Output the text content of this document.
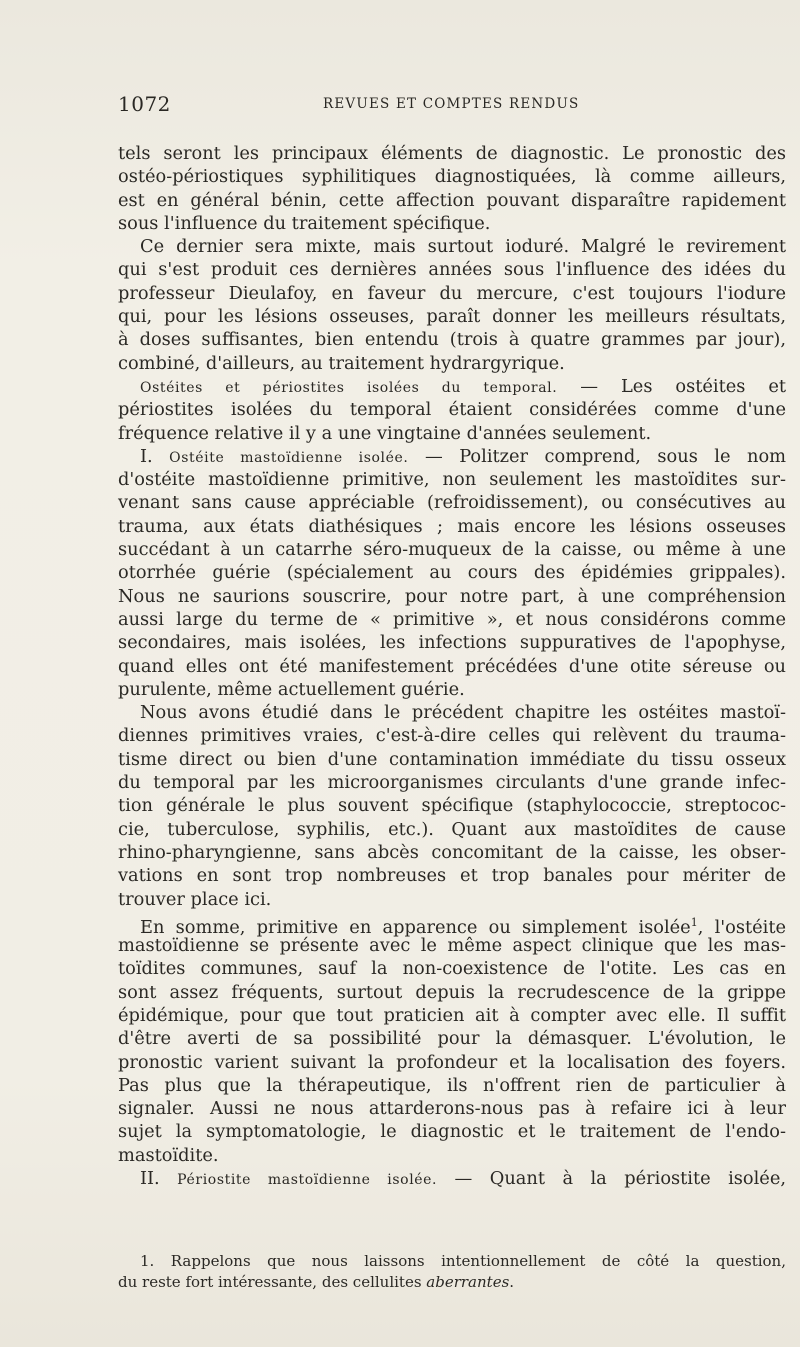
1072	REVUES ET COMPTES RENDUS
tels seront les principaux éléments de diagnostic. Le pronostic des
ostéo-périostiques syphilitiques diagnostiquées, là comme ailleurs,
est en général bénin, cette affection pouvant disparaître rapidement
sous l'influence du traitement spécifique.
Ce dernier sera mixte, mais surtout ioduré. Malgré le revirement
qui s'est produit ces dernières années sous l'influence des idées du
professeur Dieulafoy, en faveur du mercure, c'est toujours l'iodure
qui, pour les lésions osseuses, paraît donner les meilleurs résultats,
à doses suffisantes, bien entendu (trois à quatre grammes par jour),
combiné, d'ailleurs, au traitement hydrargyrique.
Ostéites et périostites isolées du temporal. — Les ostéites et
périostites isolées du temporal étaient considérées comme d'une
fréquence relative il y a une vingtaine d'années seulement.
I. Ostéite mastoïdienne isolée. — Politzer comprend, sous le nom
d'ostéite mastoïdienne primitive, non seulement les mastoïdites sur-
venant sans cause appréciable (refroidissement), ou consécutives au
trauma, aux états diathésiques ; mais encore les lésions osseuses
succédant à un catarrhe séro-muqueux de la caisse, ou même à une
otorrhée guérie (spécialement au cours des épidémies grippales).
Nous ne saurions souscrire, pour notre part, à une compréhension
aussi large du terme de « primitive », et nous considérons comme
secondaires, mais isolées, les infections suppuratives de l'apophyse,
quand elles ont été manifestement précédées d'une otite séreuse ou
purulente, même actuellement guérie.
Nous avons étudié dans le précédent chapitre les ostéites mastoï-
diennes primitives vraies, c'est-à-dire celles qui relèvent du trauma-
tisme direct ou bien d'une contamination immédiate du tissu osseux
du temporal par les microorganismes circulants d'une grande infec-
tion générale le plus souvent spécifique (staphylococcie, streptococ-
cie, tuberculose, syphilis, etc.). Quant aux mastoïdites de cause
rhino-pharyngienne, sans abcès concomitant de la caisse, les obser-
vations en sont trop nombreuses et trop banales pour mériter de
trouver place ici.
En somme, primitive en apparence ou simplement isolée$^1$, l'ostéite
mastoïdienne se présente avec le même aspect clinique que les mas-
toïdites communes, sauf la non-coexistence de l'otite. Les cas en
sont assez fréquents, surtout depuis la recrudescence de la grippe
épidémique, pour que tout praticien ait à compter avec elle. Il suffit
d'être averti de sa possibilité pour la démasquer. L'évolution, le
pronostic varient suivant la profondeur et la localisation des foyers.
Pas plus que la thérapeutique, ils n'offrent rien de particulier à
signaler. Aussi ne nous attarderons-nous pas à refaire ici à leur
sujet la symptomatologie, le diagnostic et le traitement de l'endo-
mastoïdite.
II. Périostite mastoïdienne isolée. — Quant à la périostite isolée,
1. Rappelons que nous laissons intentionnellement de côté la question,
du reste fort intéressante, des cellulites aberrantes.
